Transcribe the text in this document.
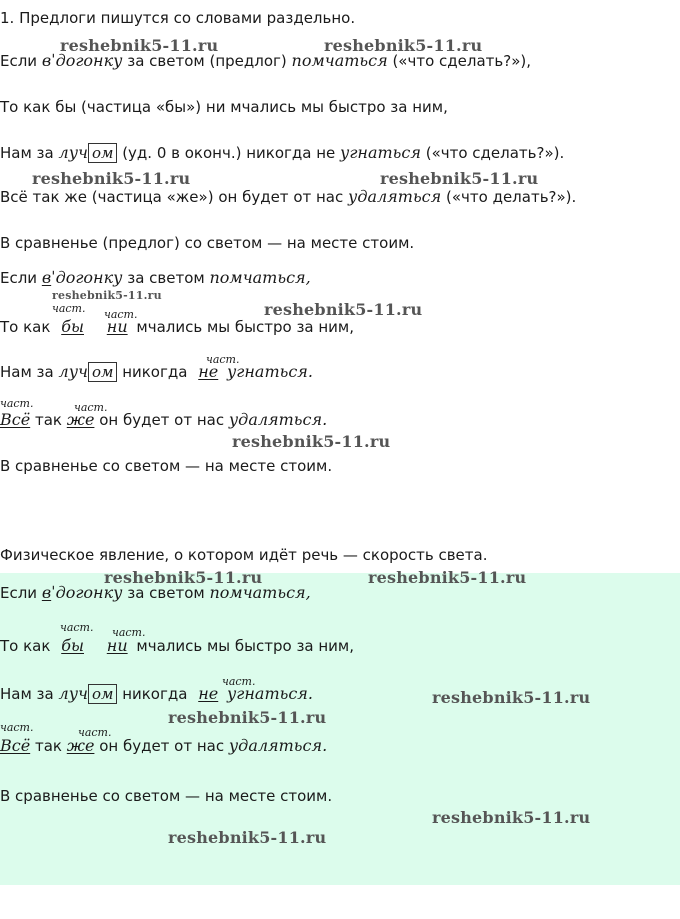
1. Предлоги пишутся со словами раздельно.
Если вˈдогонку за светом (предлог) помчаться («что сделать?»),
То как бы (частица «бы») ни мчались мы быстро за ним,
Нам за луч ом (уд. 0 в оконч.) никогда не угнаться («что сделать?»).
Всё так же (частица «же») он будет от нас удаляться («что делать?»).
В сравненье (предлог) со светом — на месте стоим.
Если вˈдогонку за светом помчаться,
част. част.
То как бы ни мчались мы быстро за ним,
част.
Нам за луч ом никогда не угнаться.
част.	част.
Всё так же он будет от нас удаляться.
В сравненье со светом — на месте стоим.
Физическое явление, о котором идёт речь — скорость света.
Если вˈдогонку за светом помчаться,
част. част.
То как бы ни мчались мы быстро за ним,
част.
Нам за луч ом никогда не угнаться.
част.	част.
Всё так же он будет от нас удаляться.
В сравненье со светом — на месте стоим.
reshebnik5-11.ru	reshebnik5-11.ru
reshebnik5-11.ru	reshebnik5-11.ru
reshebnik5-11.ru
reshebnik5-11.ru
reshebnik5-11.ru
reshebnik5-11.ru	reshebnik5-11.ru
reshebnik5-11.ru
reshebnik5-11.ru
reshebnik5-11.ru
reshebnik5-11.ru
